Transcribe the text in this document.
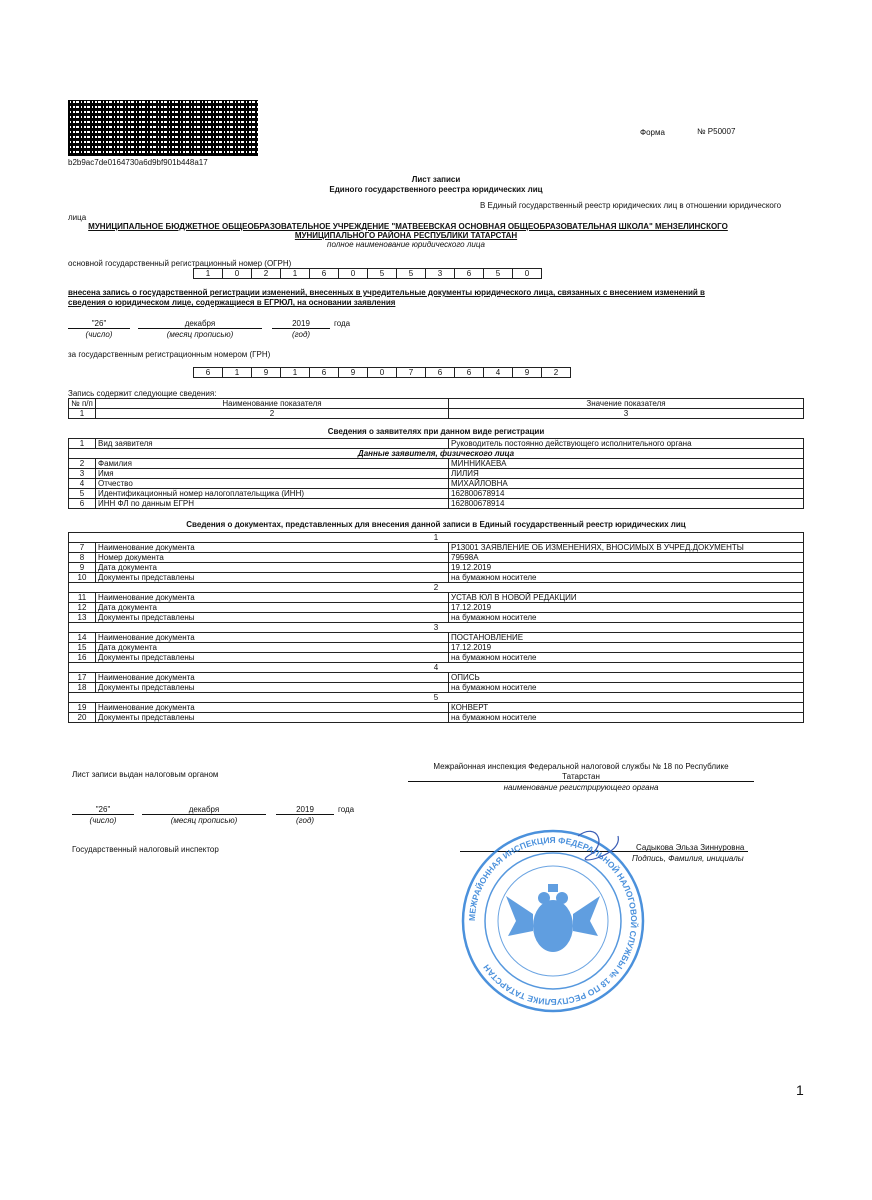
b2b9ac7de0164730a6d9bf901b448a17
Форма	№ Р50007
Лист записи
Единого государственного реестра юридических лиц
В Единый государственный реестр юридических лиц в отношении юридического
лица
МУНИЦИПАЛЬНОЕ БЮДЖЕТНОЕ ОБЩЕОБРАЗОВАТЕЛЬНОЕ УЧРЕЖДЕНИЕ "МАТВЕЕВСКАЯ ОСНОВНАЯ ОБЩЕОБРАЗОВАТЕЛЬНАЯ ШКОЛА" МЕНЗЕЛИНСКОГО
МУНИЦИПАЛЬНОГО РАЙОНА РЕСПУБЛИКИ ТАТАРСТАН
полное наименование юридического лица
основной государственный регистрационный номер (ОГРН)
1	0	2	1	6	0	5	5	3	6	5	0
внесена запись о государственной регистрации изменений, внесенных в учредительные документы юридического лица, связанных с внесением изменений в
сведения о юридическом лице, содержащиеся в ЕГРЮЛ, на основании заявления
"26"	декабря	2019	года
(число)	(месяц прописью)	(год)
за государственным регистрационным номером (ГРН)
6	1	9	1	6	9	0	7	6	6	4	9	2
Запись содержит следующие сведения:
№ п/п	Наименование показателя	Значение показателя
1	2	3
Сведения о заявителях при данном виде регистрации
1	Вид заявителя	Руководитель постоянно действующего исполнительного органа
Данные заявителя, физического лица		
2	Фамилия	МИННИКАЕВА
3	Имя	ЛИЛИЯ
4	Отчество	МИХАЙЛОВНА
5	Идентификационный номер налогоплательщика (ИНН)	162800678914
6	ИНН ФЛ по данным ЕГРН	162800678914
Сведения о документах, представленных для внесения данной записи в Единый государственный реестр юридических лиц
1		
7	Наименование документа	Р13001 ЗАЯВЛЕНИЕ ОБ ИЗМЕНЕНИЯХ, ВНОСИМЫХ В УЧРЕД.ДОКУМЕНТЫ
8	Номер документа	79598А
9	Дата документа	19.12.2019
10	Документы представлены	на бумажном носителе
2		
11	Наименование документа	УСТАВ ЮЛ В НОВОЙ РЕДАКЦИИ
12	Дата документа	17.12.2019
13	Документы представлены	на бумажном носителе
3		
14	Наименование документа	ПОСТАНОВЛЕНИЕ
15	Дата документа	17.12.2019
16	Документы представлены	на бумажном носителе
4		
17	Наименование документа	ОПИСЬ
18	Документы представлены	на бумажном носителе
5		
19	Наименование документа	КОНВЕРТ
20	Документы представлены	на бумажном носителе
Лист записи выдан налоговым органом
Межрайонная инспекция Федеральной налоговой службы № 18 по Республике
Татарстан
наименование регистрирующего органа
"26"	декабря	2019	года
(число)	(месяц прописью)	(год)
Государственный налоговый инспектор	Садыкова Эльза Зиннуровна
Подпись, Фамилия, инициалы
МЕЖРАЙОННАЯ ИНСПЕКЦИЯ ФЕДЕРАЛЬНОЙ НАЛОГОВОЙ СЛУЖБЫ № 18 ПО РЕСПУБЛИКЕ ТАТАРСТАН
1
